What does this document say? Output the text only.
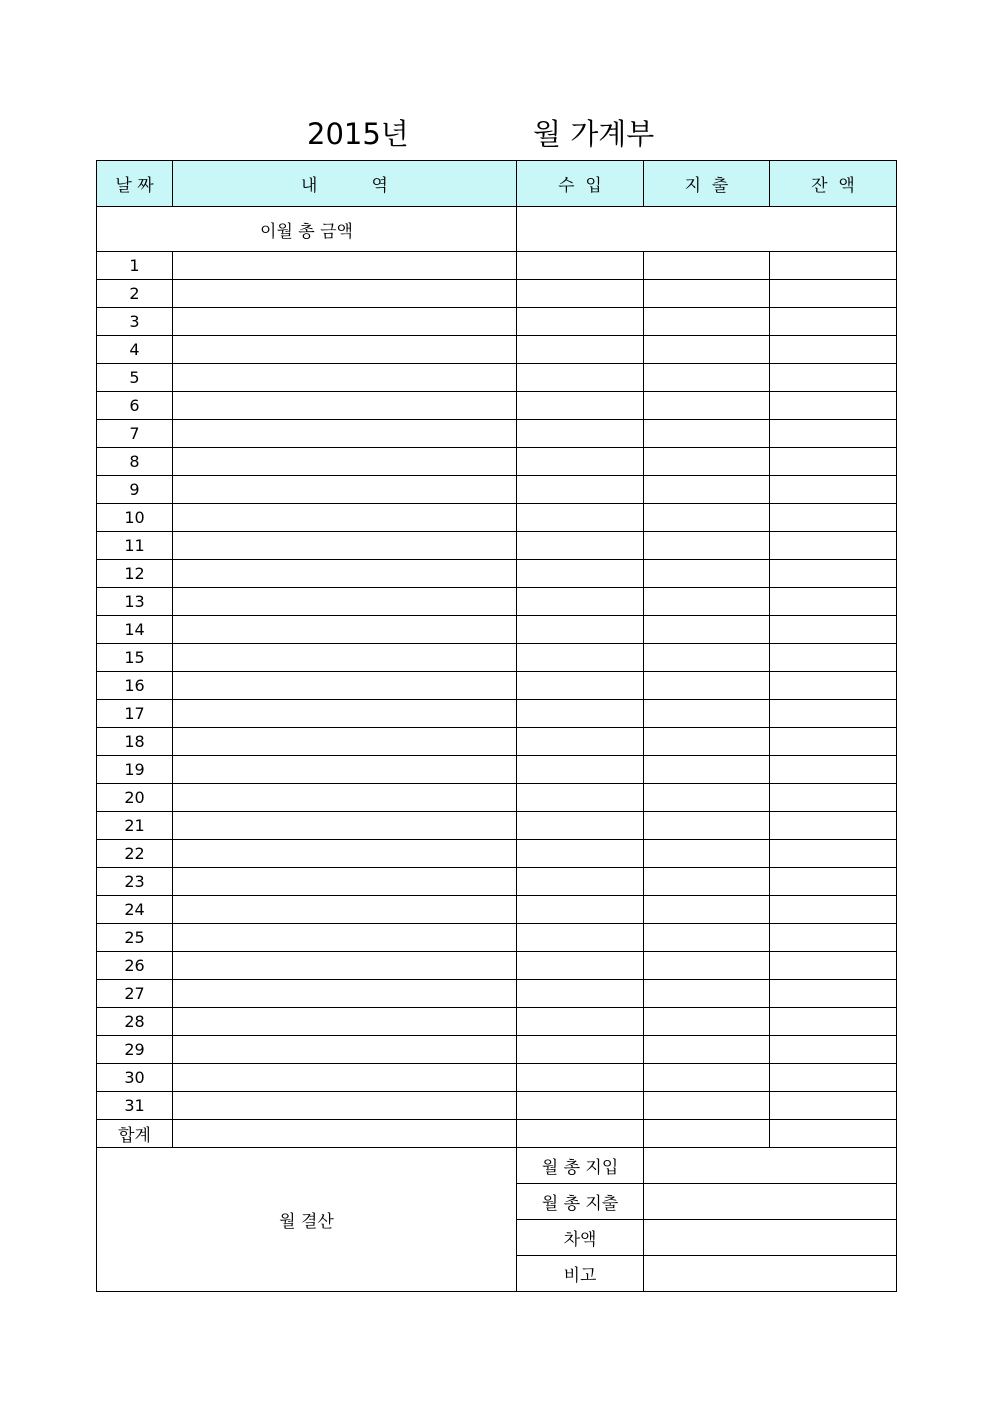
2015년	월 가계부
날 짜	내          역	수  입	지  출	잔  액
이월 총 금액				
1				
2				
3				
4				
5				
6				
7				
8				
9				
10				
11				
12				
13				
14				
15				
16				
17				
18				
19				
20				
21				
22				
23				
24				
25				
26				
27				
28				
29				
30				
31				
합계				
월 결산		월 총 지입		
		월 총 지출		
		차액		
		비고		
